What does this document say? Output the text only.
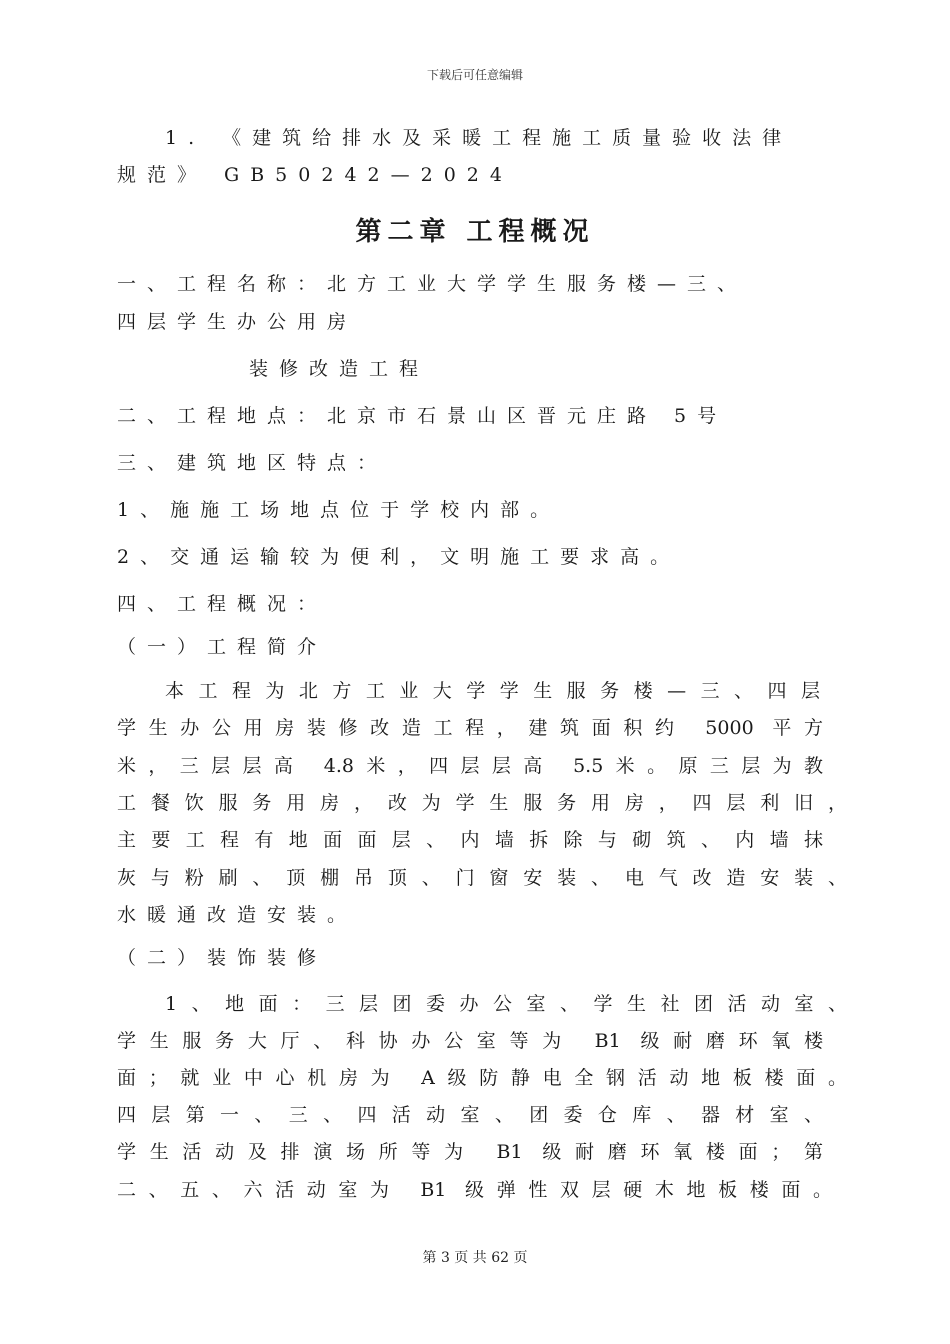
下载后可任意编辑
1. 《建筑给排水及采暖工程施工质量验收法律
规范》 GB50242—2024
第二章 工程概况
一、工程名称：北方工业大学学生服务楼—三、
四层学生办公用房
装修改造工程
二、工程地点：北京市石景山区晋元庄路 5号
三、建筑地区特点：
1、施施工场地点位于学校内部。
2、交通运输较为便利，文明施工要求高。
四、工程概况：
（一）工程简介
本工程为北方工业大学学生服务楼—三、四层
学生办公用房装修改造工程，建筑面积约 5000 平方
米，三层层高 4.8米，四层层高 5.5米。原三层为教
工餐饮服务用房，改为学生服务用房，四层利旧，
主要工程有地面面层、内墙拆除与砌筑、内墙抹
灰与粉刷、顶棚吊顶、门窗安装、电气改造安装、
水暖通改造安装。
（二）装饰装修
1、地面：三层团委办公室、学生社团活动室、
学生服务大厅、科协办公室等为 B1 级耐磨环氧楼
面；就业中心机房为 A级防静电全钢活动地板楼面。
四层第一、三、四活动室、团委仓库、器材室、
学生活动及排演场所等为 B1 级耐磨环氧楼面；第
二、五、六活动室为 B1 级弹性双层硬木地板楼面。
第 3 页 共 62 页
